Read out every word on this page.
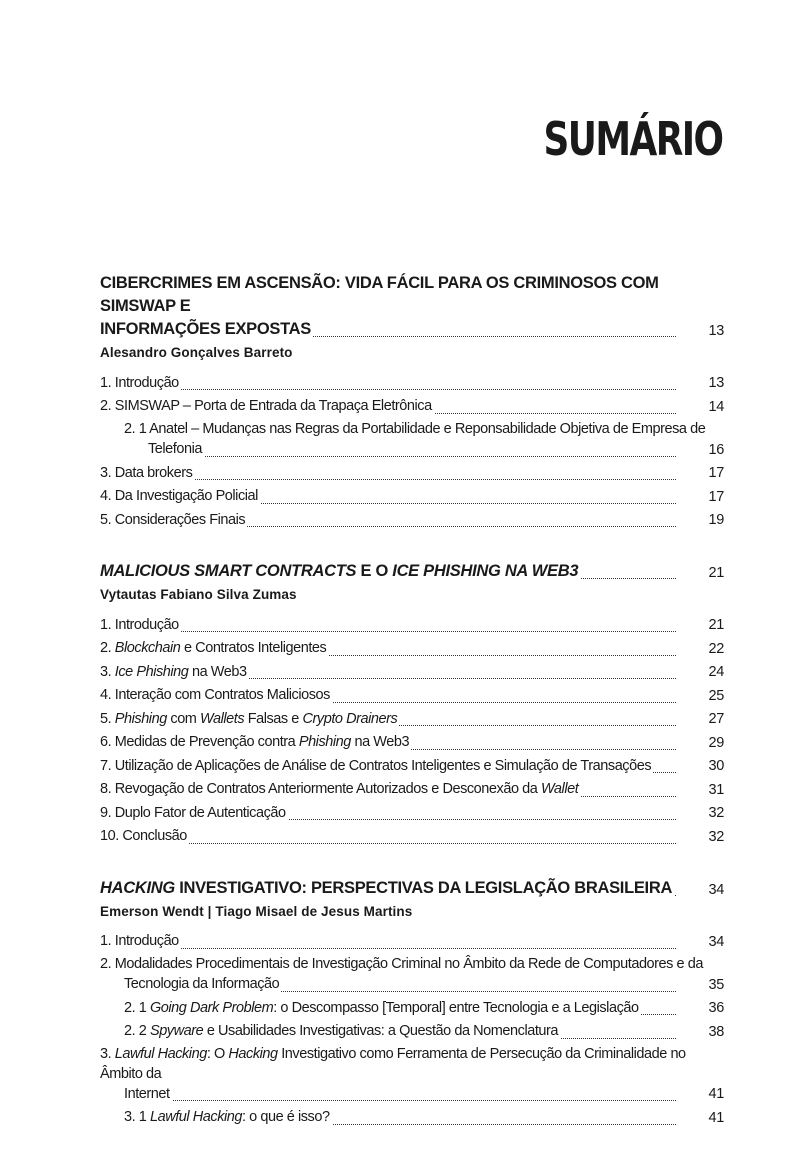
SUMÁRIO
CIBERCRIMES EM ASCENSÃO: VIDA FÁCIL PARA OS CRIMINOSOS COM SIMSWAP E
INFORMAÇÕES EXPOSTAS	13
Alesandro Gonçalves Barreto
1. Introdução	13
2. SIMSWAP – Porta de Entrada da Trapaça Eletrônica	14
2. 1 Anatel – Mudanças nas Regras da Portabilidade e Reponsabilidade Objetiva de Empresa de
Telefonia	16
3. Data brokers	17
4. Da Investigação Policial	17
5. Considerações Finais	19
MALICIOUS SMART CONTRACTS E O ICE PHISHING NA WEB3	21
Vytautas Fabiano Silva Zumas
1. Introdução	21
2. Blockchain e Contratos Inteligentes	22
3. Ice Phishing na Web3	24
4. Interação com Contratos Maliciosos	25
5. Phishing com Wallets Falsas e Crypto Drainers	27
6. Medidas de Prevenção contra Phishing na Web3	29
7. Utilização de Aplicações de Análise de Contratos Inteligentes e Simulação de Transações	30
8. Revogação de Contratos Anteriormente Autorizados e Desconexão da Wallet	31
9. Duplo Fator de Autenticação	32
10. Conclusão	32
HACKING INVESTIGATIVO: PERSPECTIVAS DA LEGISLAÇÃO BRASILEIRA	34
Emerson Wendt | Tiago Misael de Jesus Martins
1. Introdução	34
2. Modalidades Procedimentais de Investigação Criminal no Âmbito da Rede de Computadores e da
Tecnologia da Informação	35
2. 1 Going Dark Problem: o Descompasso [Temporal] entre Tecnologia e a Legislação	36
2. 2 Spyware e Usabilidades Investigativas: a Questão da Nomenclatura	38
3. Lawful Hacking: O Hacking Investigativo como Ferramenta de Persecução da Criminalidade no Âmbito da
Internet	41
3. 1 Lawful Hacking: o que é isso?	41
